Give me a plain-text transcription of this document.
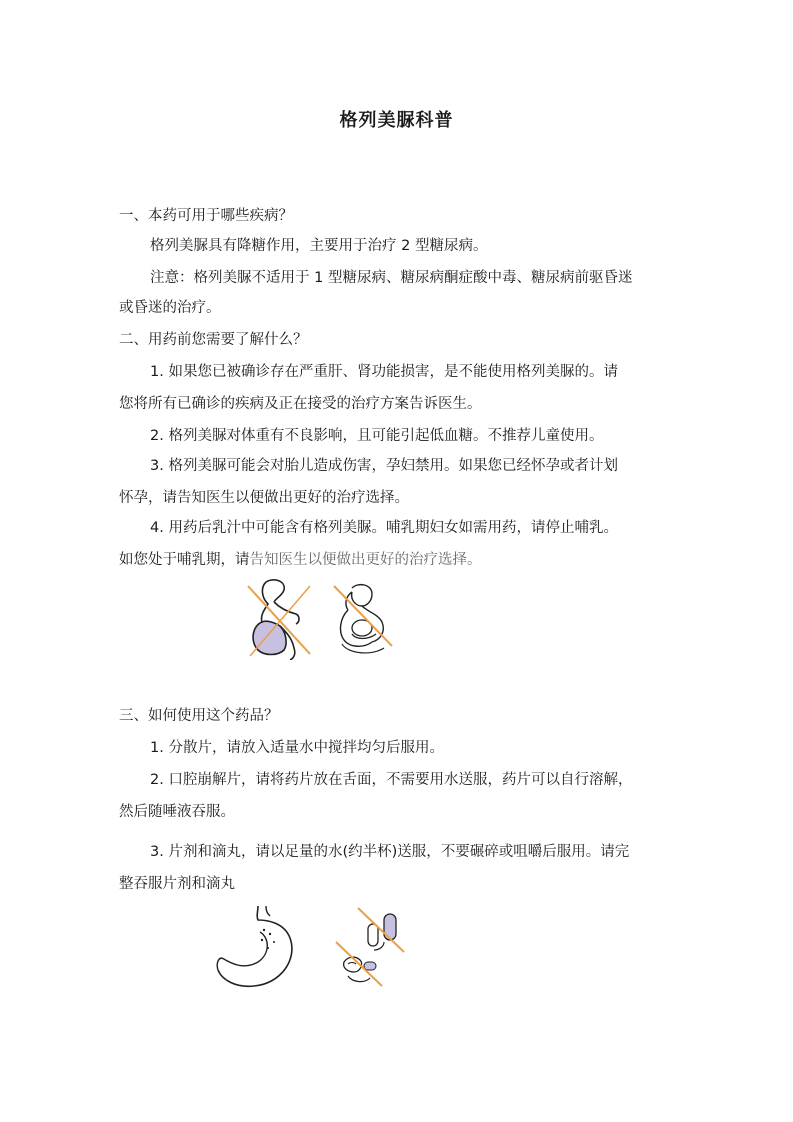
格列美脲科普
一、本药可用于哪些疾病？
格列美脲具有降糖作用，主要用于治疗 2 型糖尿病。
注意：格列美脲不适用于 1 型糖尿病、糖尿病酮症酸中毒、糖尿病前驱昏迷
或昏迷的治疗。
二、用药前您需要了解什么？
1. 如果您已被确诊存在严重肝、肾功能损害，是不能使用格列美脲的。请
您将所有已确诊的疾病及正在接受的治疗方案告诉医生。
2. 格列美脲对体重有不良影响，且可能引起低血糖。不推荐儿童使用。
3. 格列美脲可能会对胎儿造成伤害，孕妇禁用。如果您已经怀孕或者计划
怀孕，请告知医生以便做出更好的治疗选择。
4. 用药后乳汁中可能含有格列美脲。哺乳期妇女如需用药，请停止哺乳。
如您处于哺乳期，请告知医生以便做出更好的治疗选择。
三、如何使用这个药品？
1. 分散片，请放入适量水中搅拌均匀后服用。
2. 口腔崩解片，请将药片放在舌面，不需要用水送服，药片可以自行溶解，
然后随唾液吞服。
3. 片剂和滴丸，请以足量的水(约半杯)送服，不要碾碎或咀嚼后服用。请完
整吞服片剂和滴丸
